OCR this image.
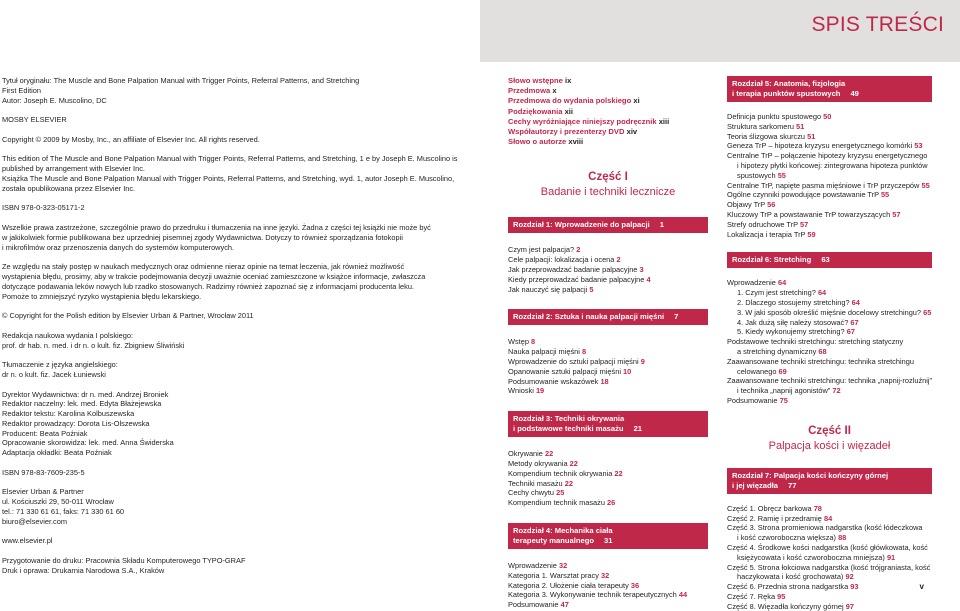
SPIS TREŚCI
Tytuł oryginału: The Muscle and Bone Palpation Manual with Trigger Points, Referral Patterns, and Stretching
First Edition
Autor: Joseph E. Muscolino, DC
MOSBY ELSEVIER
Copyright © 2009 by Mosby, Inc., an affiliate of Elsevier Inc. All rights reserved.
This edition of The Muscle and Bone Palpation Manual with Trigger Points, Referral Patterns, and Stretching, 1 e by Joseph E. Muscolino is
published by arrangement with Elsevier Inc.
Książka The Muscle and Bone Palpation Manual with Trigger Points, Referral Patterns, and Stretching, wyd. 1, autor Joseph E. Muscolino,
została opublikowana przez Elsevier Inc.
ISBN 978-0-323-05171-2
Wszelkie prawa zastrzeżone, szczególnie prawo do przedruku i tłumaczenia na inne języki. Żadna z części tej książki nie może być
w jakikolwiek formie publikowana bez uprzedniej pisemnej zgody Wydawnictwa. Dotyczy to również sporządzania fotokopii
i mikrofilmów oraz przenoszenia danych do systemów komputerowych.
Ze względu na stały postęp w naukach medycznych oraz odmienne nieraz opinie na temat leczenia, jak również możliwość
wystąpienia błędu, prosimy, aby w trakcie podejmowania decyzji uważnie oceniać zamieszczone w książce informacje, zwłaszcza
dotyczące podawania leków nowych lub rzadko stosowanych. Radzimy również zapoznać się z informacjami producenta leku.
Pomoże to zmniejszyć ryzyko wystąpienia błędu lekarskiego.
© Copyright for the Polish edition by Elsevier Urban & Partner, Wrocław 2011
Redakcja naukowa wydania I polskiego:
prof. dr hab. n. med. i dr n. o kult. fiz. Zbigniew Śliwiński
Tłumaczenie z języka angielskiego:
dr n. o kult. fiz. Jacek Łuniewski
Dyrektor Wydawnictwa: dr n. med. Andrzej Broniek
Redaktor naczelny: lek. med. Edyta Błażejewska
Redaktor tekstu: Karolina Kolbuszewska
Redaktor prowadzący: Dorota Lis-Olszewska
Producent: Beata Poźniak
Opracowanie skorowidza: lek. med. Anna Świderska
Adaptacja okładki: Beata Poźniak
ISBN 978-83-7609-235-5
Elsevier Urban & Partner
ul. Kościuszki 29, 50-011 Wrocław
tel.: 71 330 61 61, faks: 71 330 61 60
biuro@elsevier.com
www.elsevier.pl
Przygotowanie do druku: Pracownia Składu Komputerowego TYPO-GRAF
Druk i oprawa: Drukarnia Narodowa S.A., Kraków
Słowo wstępne ix
Przedmowa x
Przedmowa do wydania polskiego xi
Podziękowania xii
Cechy wyróżniające niniejszy podręcznik xiii
Współautorzy i prezenterzy DVD xiv
Słowo o autorze xviii
Część I
Badanie i techniki lecznicze
Rozdział 1: Wprowadzenie do palpacji 1
Czym jest palpacja? 2
Cele palpacji: lokalizacja i ocena 2
Jak przeprowadzać badanie palpacyjne 3
Kiedy przeprowadzać badanie palpacyjne 4
Jak nauczyć się palpacji 5
Rozdział 2: Sztuka i nauka palpacji mięśni 7
Wstęp 8
Nauka palpacji mięśni 8
Wprowadzenie do sztuki palpacji mięśni 9
Opanowanie sztuki palpacji mięśni 10
Podsumowanie wskazówek 18
Wnioski 19
Rozdział 3: Techniki okrywania
i podstawowe techniki masażu 21
Okrywanie 22
Metody okrywania 22
Kompendium technik okrywania 22
Techniki masażu 22
Cechy chwytu 25
Kompendium technik masażu 26
Rozdział 4: Mechanika ciała
terapeuty manualnego 31
Wprowadzenie 32
Kategoria 1. Warsztat pracy 32
Kategoria 2. Ułożenie ciała terapeuty 36
Kategoria 3. Wykonywanie technik terapeutycznych 44
Podsumowanie 47
Rozdział 5: Anatomia, fizjologia
i terapia punktów spustowych 49
Definicja punktu spustowego 50
Struktura sarkomeru 51
Teoria ślizgowa skurczu 51
Geneza TrP – hipoteza kryzysu energetycznego komórki 53
Centralne TrP – połączenie hipotezy kryzysu energetycznego
i hipotezy płytki końcowej: zintegrowana hipoteza punktów
spustowych 55
Centralne TrP, napięte pasma mięśniowe i TrP przyczepów 55
Ogólne czynniki powodujące powstawanie TrP 55
Objawy TrP 56
Kluczowy TrP a powstawanie TrP towarzyszących 57
Strefy odruchowe TrP 57
Lokalizacja i terapia TrP 59
Rozdział 6: Stretching 63
Wprowadzenie 64
1. Czym jest stretching? 64
2. Dlaczego stosujemy stretching? 64
3. W jaki sposób określić mięśnie docelowy stretchingu? 65
4. Jak dużą siłę należy stosować? 67
5. Kiedy wykonujemy stretching? 67
Podstawowe techniki stretchingu: stretching statyczny
a stretching dynamiczny 68
Zaawansowane techniki stretchingu: technika stretchingu
celowanego 69
Zaawansowane techniki stretchingu: technika „napnij-rozluźnij”
i technika „napnij agonistów” 72
Podsumowanie 75
Część II
Palpacja kości i więzadeł
Rozdział 7: Palpacja kości kończyny górnej
i jej więzadła 77
Część 1. Obręcz barkowa 78
Część 2. Ramię i przedramię 84
Część 3. Strona promieniowa nadgarstka (kość łódeczkowa
i kość czworoboczna większa) 88
Część 4. Środkowe kości nadgarstka (kość główkowata, kość
księżycowata i kość czworoboczna mniejsza) 91
Część 5. Strona łokciowa nadgarstka (kość trójgraniasta, kość
haczykowata i kość grochowata) 92
Część 6. Przednia strona nadgarstka 93
Część 7. Ręka 95
Część 8. Więzadła kończyny górnej 97
v
